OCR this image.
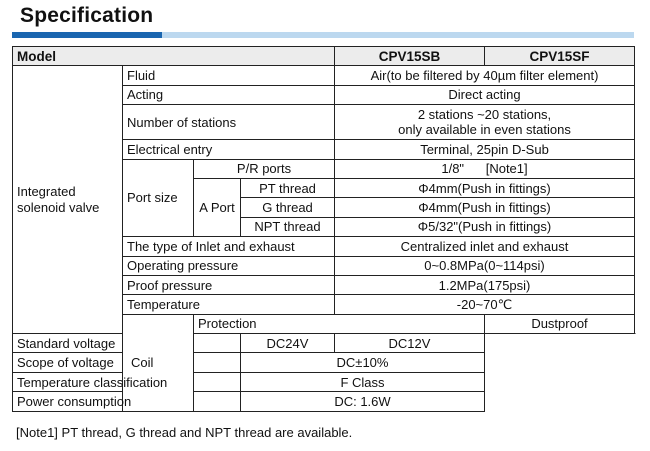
Specification
Model				CPV15SB	CPV15SF
Integrated
solenoid valve	Fluid			Air(to be filtered by 40µm filter element)	
	Acting			Direct acting	
	Number of stations			2 stations ~20 stations,
only available in even stations	
	Electrical entry			Terminal, 25pin D-Sub	
	Port size	P/R ports		1/8"      [Note1]	
		A Port	PT thread	Φ4mm(Push in fittings)	
			G thread	Φ4mm(Push in fittings)	
			NPT thread	Φ5/32"(Push in fittings)	
	The type of Inlet and exhaust			Centralized inlet and exhaust	
	Operating pressure			0~0.8MPa(0~114psi)	
	Proof pressure			1.2MPa(175psi)	
	Temperature			-20~70℃	
	Coil	Protection			Dustproof
Standard voltage			DC24V	DC12V	
Scope of voltage			DC±10%		
Temperature classification			F Class		
Power consumption			DC: 1.6W		
[Note1] PT thread, G thread and NPT thread are available.
